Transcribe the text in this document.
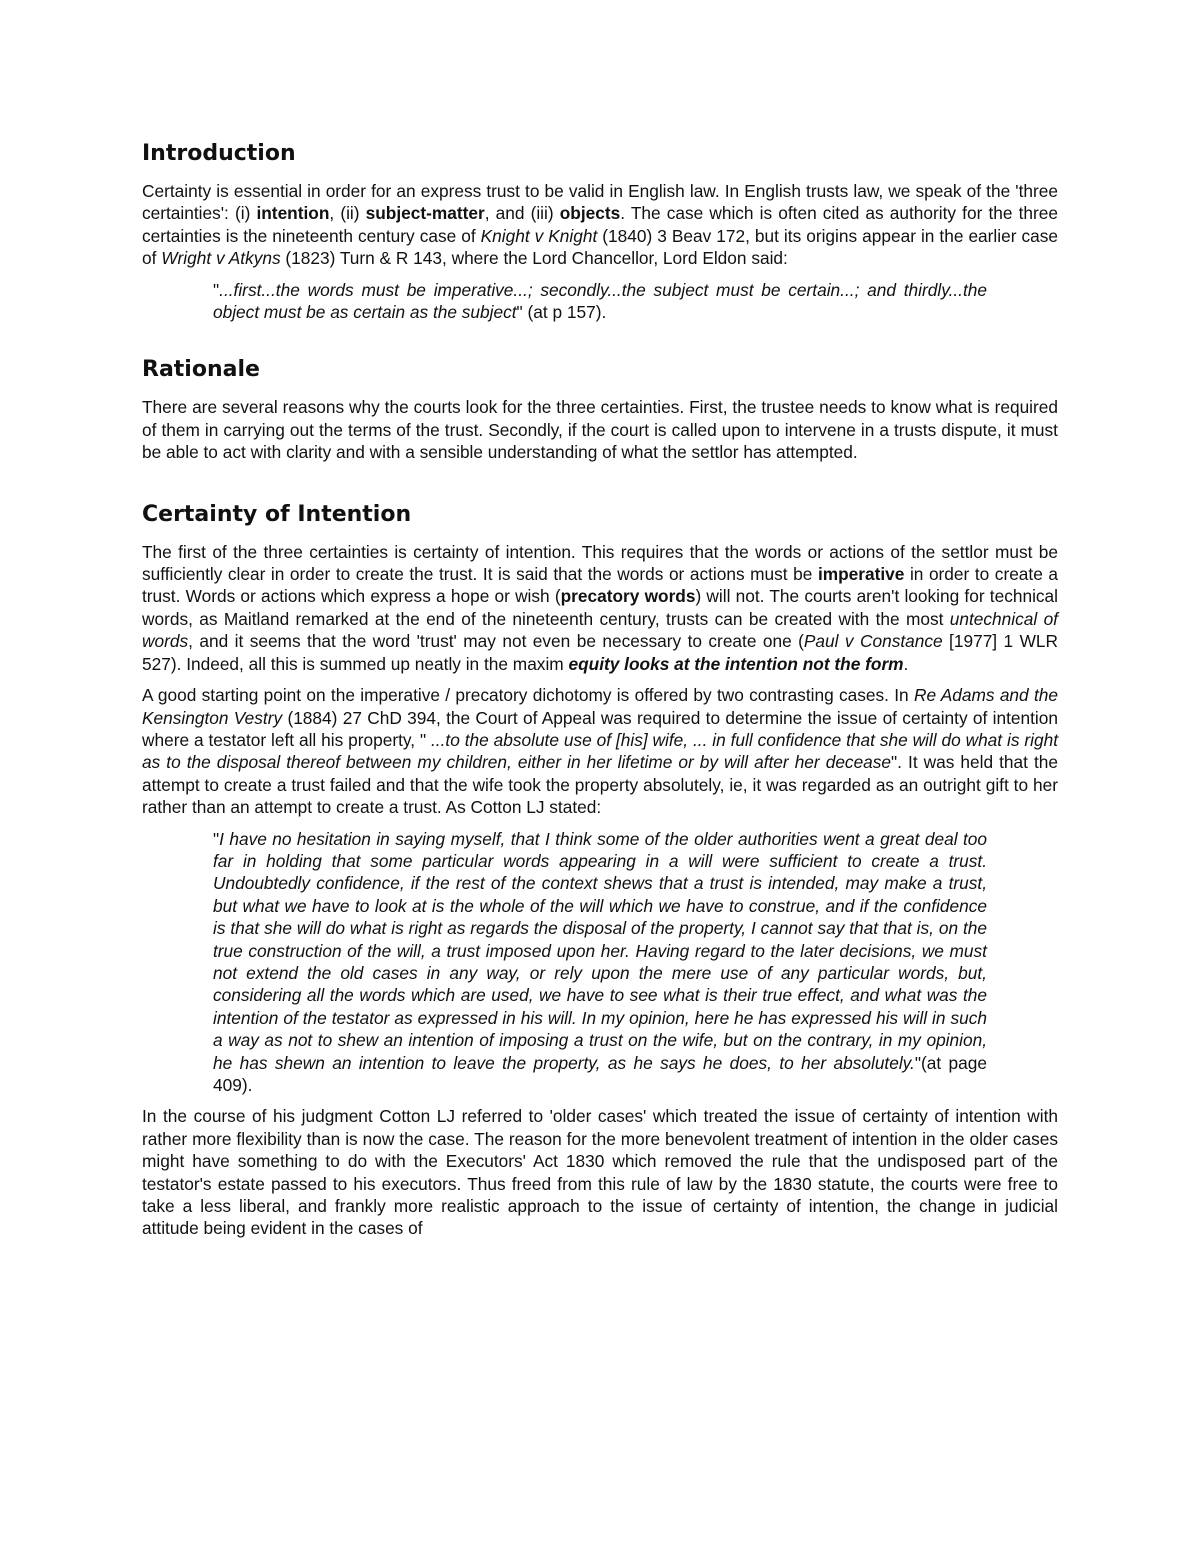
Introduction

Certainty is essential in order for an express trust to be valid in English law. In English trusts law, we speak of the 'three certainties': (i) intention, (ii) subject-matter, and (iii) objects. The case which is often cited as authority for the three certainties is the nineteenth century case of Knight v Knight (1840) 3 Beav 172, but its origins appear in the earlier case of Wright v Atkyns (1823) Turn & R 143, where the Lord Chancellor, Lord Eldon said:

"...first...the words must be imperative...; secondly...the subject must be certain...; and thirdly...the object must be as certain as the subject" (at p 157).

Rationale

There are several reasons why the courts look for the three certainties. First, the trustee needs to know what is required of them in carrying out the terms of the trust. Secondly, if the court is called upon to intervene in a trusts dispute, it must be able to act with clarity and with a sensible understanding of what the settlor has attempted.

Certainty of Intention

The first of the three certainties is certainty of intention. This requires that the words or actions of the settlor must be sufficiently clear in order to create the trust. It is said that the words or actions must be imperative in order to create a trust. Words or actions which express a hope or wish (precatory words) will not. The courts aren't looking for technical words, as Maitland remarked at the end of the nineteenth century, trusts can be created with the most untechnical of words, and it seems that the word 'trust' may not even be necessary to create one (Paul v Constance [1977] 1 WLR 527). Indeed, all this is summed up neatly in the maxim equity looks at the intention not the form.

A good starting point on the imperative / precatory dichotomy is offered by two contrasting cases. In Re Adams and the Kensington Vestry (1884) 27 ChD 394, the Court of Appeal was required to determine the issue of certainty of intention where a testator left all his property, " ...to the absolute use of [his] wife, ... in full confidence that she will do what is right as to the disposal thereof between my children, either in her lifetime or by will after her decease". It was held that the attempt to create a trust failed and that the wife took the property absolutely, ie, it was regarded as an outright gift to her rather than an attempt to create a trust. As Cotton LJ stated:

"I have no hesitation in saying myself, that I think some of the older authorities went a great deal too far in holding that some particular words appearing in a will were sufficient to create a trust. Undoubtedly confidence, if the rest of the context shews that a trust is intended, may make a trust, but what we have to look at is the whole of the will which we have to construe, and if the confidence is that she will do what is right as regards the disposal of the property, I cannot say that that is, on the true construction of the will, a trust imposed upon her. Having regard to the later decisions, we must not extend the old cases in any way, or rely upon the mere use of any particular words, but, considering all the words which are used, we have to see what is their true effect, and what was the intention of the testator as expressed in his will. In my opinion, here he has expressed his will in such a way as not to shew an intention of imposing a trust on the wife, but on the contrary, in my opinion, he has shewn an intention to leave the property, as he says he does, to her absolutely."(at page 409).

In the course of his judgment Cotton LJ referred to 'older cases' which treated the issue of certainty of intention with rather more flexibility than is now the case. The reason for the more benevolent treatment of intention in the older cases might have something to do with the Executors' Act 1830 which removed the rule that the undisposed part of the testator's estate passed to his executors. Thus freed from this rule of law by the 1830 statute, the courts were free to take a less liberal, and frankly more realistic approach to the issue of certainty of intention, the change in judicial attitude being evident in the cases of
